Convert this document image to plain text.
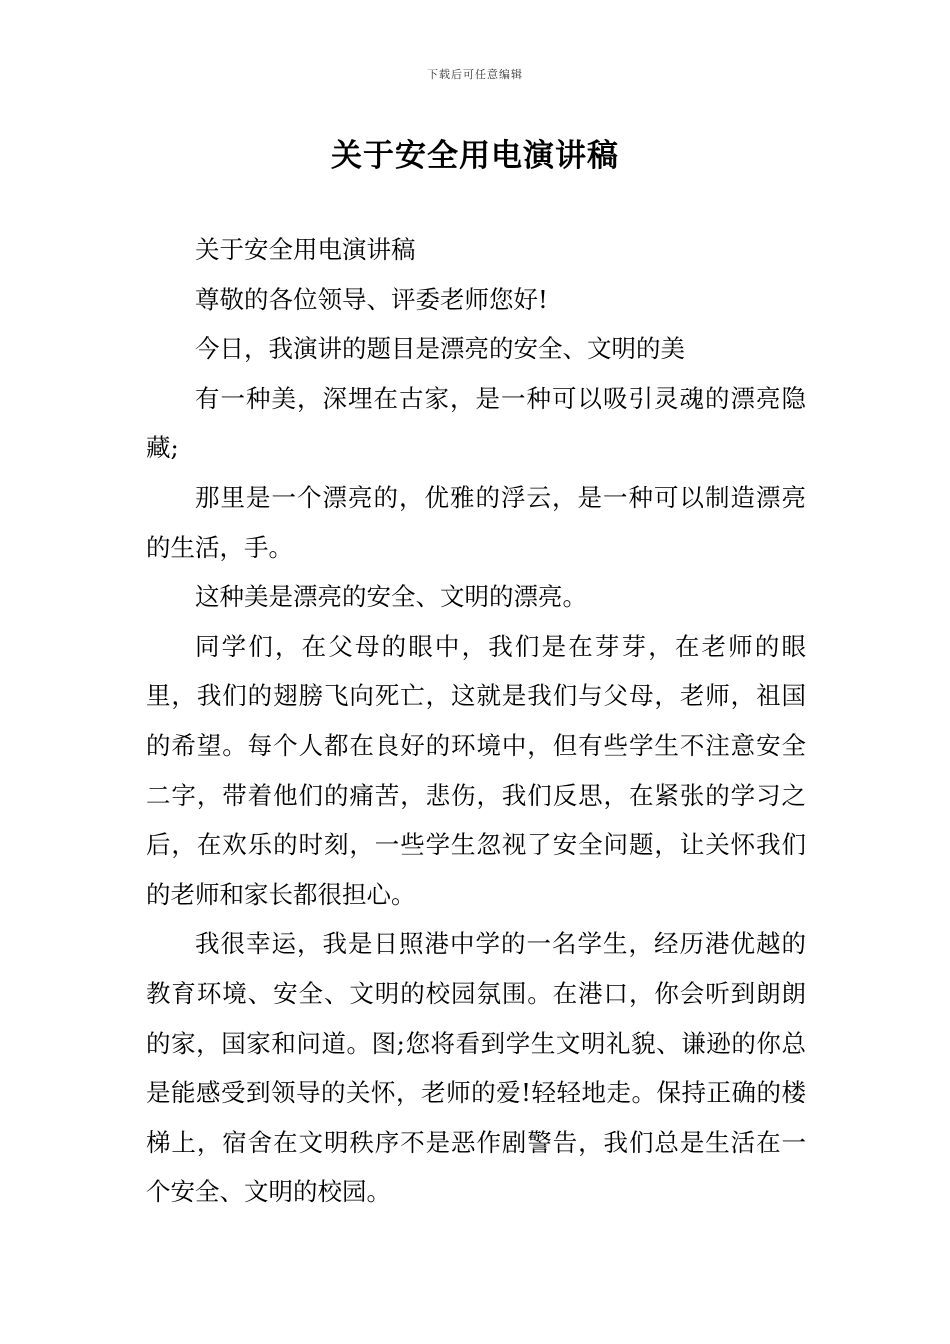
下载后可任意编辑
关于安全用电演讲稿

关于安全用电演讲稿

尊敬的各位领导、评委老师您好!

今日，我演讲的题目是漂亮的安全、文明的美

有一种美，深埋在古家，是一种可以吸引灵魂的漂亮隐藏;

那里是一个漂亮的，优雅的浮云，是一种可以制造漂亮的生活，手。

这种美是漂亮的安全、文明的漂亮。

同学们，在父母的眼中，我们是在芽芽，在老师的眼里，我们的翅膀飞向死亡，这就是我们与父母，老师，祖国的希望。每个人都在良好的环境中，但有些学生不注意安全二字，带着他们的痛苦，悲伤，我们反思，在紧张的学习之后，在欢乐的时刻，一些学生忽视了安全问题，让关怀我们的老师和家长都很担心。

我很幸运，我是日照港中学的一名学生，经历港优越的教育环境、安全、文明的校园氛围。在港口，你会听到朗朗的家，国家和问道。图;您将看到学生文明礼貌、谦逊的你总是能感受到领导的关怀，老师的爱!轻轻地走。保持正确的楼梯上，宿舍在文明秩序不是恶作剧警告，我们总是生活在一个安全、文明的校园。
